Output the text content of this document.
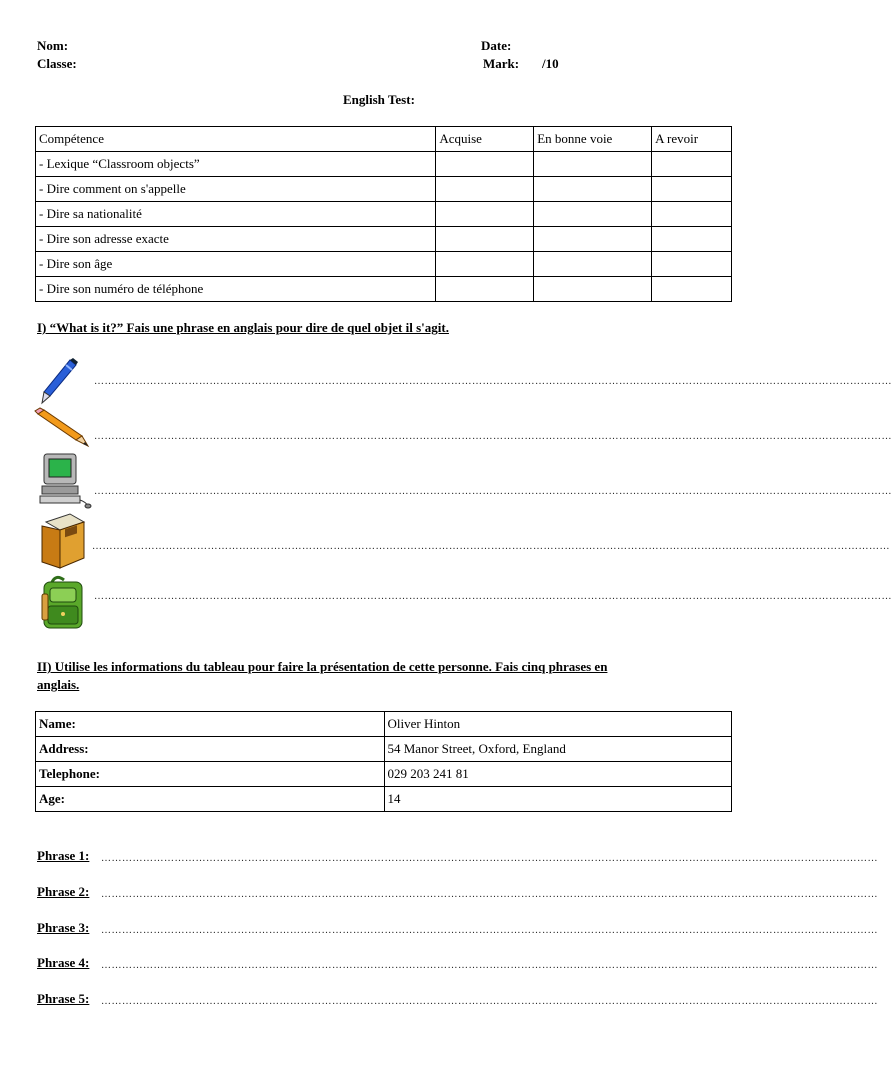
Nom:
Classe:
Date:
Mark: /10
English Test:
Compétence	Acquise	En bonne voie	A revoir
- Lexique “Classroom objects”			
- Dire comment on s'appelle			
- Dire sa nationalité			
- Dire son adresse exacte			
- Dire son âge			
- Dire son numéro de téléphone			
I) “What is it?” Fais une phrase en anglais pour dire de quel objet il s'agit.
…………………………………………………………………………………………………………………………………………………………………………………………………………
…………………………………………………………………………………………………………………………………………………………………………………………………………
…………………………………………………………………………………………………………………………………………………………………………………………………………
…………………………………………………………………………………………………………………………………………………………………………………………………………
…………………………………………………………………………………………………………………………………………………………………………………………………………
II) Utilise les informations du tableau pour faire la présentation de cette personne. Fais cinq phrases en
anglais.
Name:	Oliver Hinton
Address:	54 Manor Street, Oxford, England
Telephone:	029 203 241 81
Age:	14
Phrase 1: ……………………………………………………………………………………………………………………………………………………………………………………………………
Phrase 2: ……………………………………………………………………………………………………………………………………………………………………………………………………
Phrase 3: ……………………………………………………………………………………………………………………………………………………………………………………………………
Phrase 4: ……………………………………………………………………………………………………………………………………………………………………………………………………
Phrase 5: ……………………………………………………………………………………………………………………………………………………………………………………………………
